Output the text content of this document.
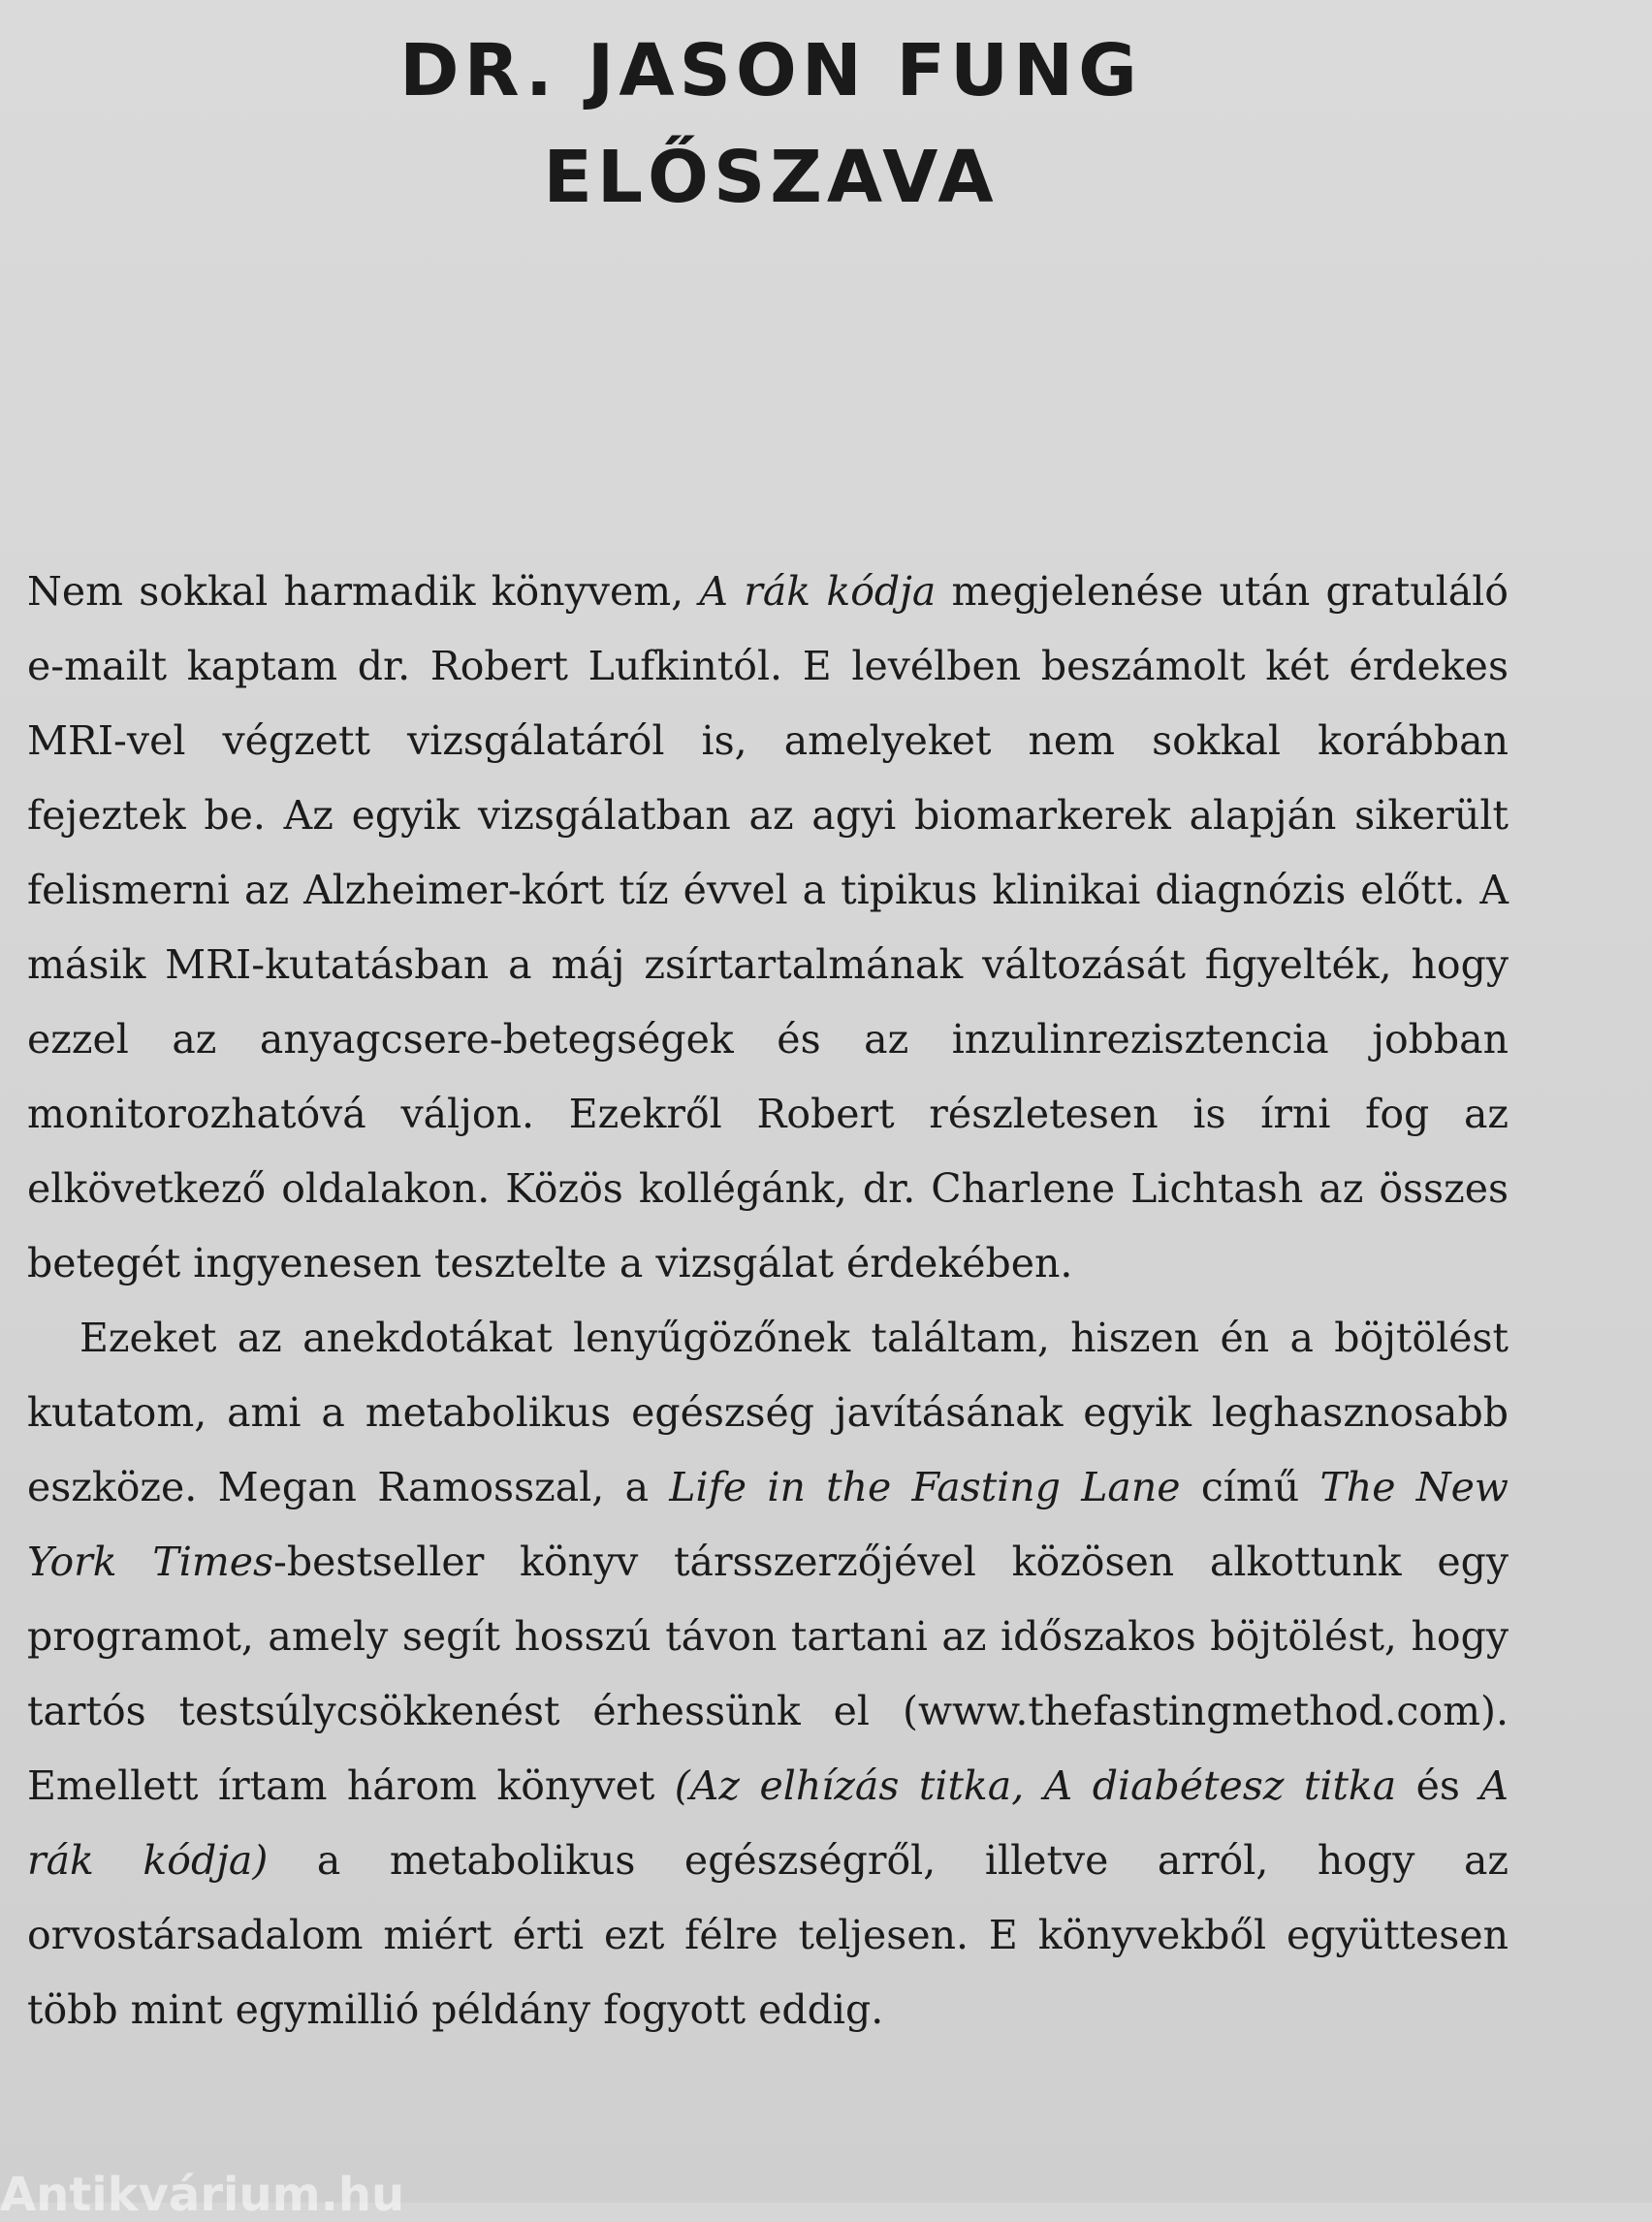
DR. JASON FUNG
ELŐSZAVA

Nem sokkal harmadik könyvem, A rák kódja megjelenése után gratuláló e-mailt kaptam dr. Robert Lufkintól. E levélben beszámolt két érdekes MRI-vel végzett vizsgálatáról is, amelyeket nem sokkal korábban fejeztek be. Az egyik vizsgálatban az agyi biomarkerek alapján sikerült felismerni az Alzheimer-kórt tíz évvel a tipikus klinikai diagnózis előtt. A másik MRI-kutatásban a máj zsírtartalmának változását figyelték, hogy ezzel az anyagcsere-betegségek és az inzulinrezisztencia jobban monitorozhatóvá váljon. Ezekről Robert részletesen is írni fog az elkövetkező oldalakon. Közös kollégánk, dr. Charlene Lichtash az összes betegét ingyenesen tesztelte a vizsgálat érdekében.

Ezeket az anekdotákat lenyűgözőnek találtam, hiszen én a böjtölést kutatom, ami a metabolikus egészség javításának egyik leghasznosabb eszköze. Megan Ramosszal, a Life in the Fasting Lane című The New York Times-bestseller könyv társszerzőjével közösen alkottunk egy programot, amely segít hosszú távon tartani az időszakos böjtölést, hogy tartós testsúlycsökkenést érhessünk el (www.thefastingmethod.com). Emellett írtam három könyvet (Az elhízás titka, A diabétesz titka és A rák kódja) a metabolikus egészségről, illetve arról, hogy az orvostársadalom miért érti ezt félre teljesen. E könyvekből együttesen több mint egymillió példány fogyott eddig.

Antikvárium.hu
